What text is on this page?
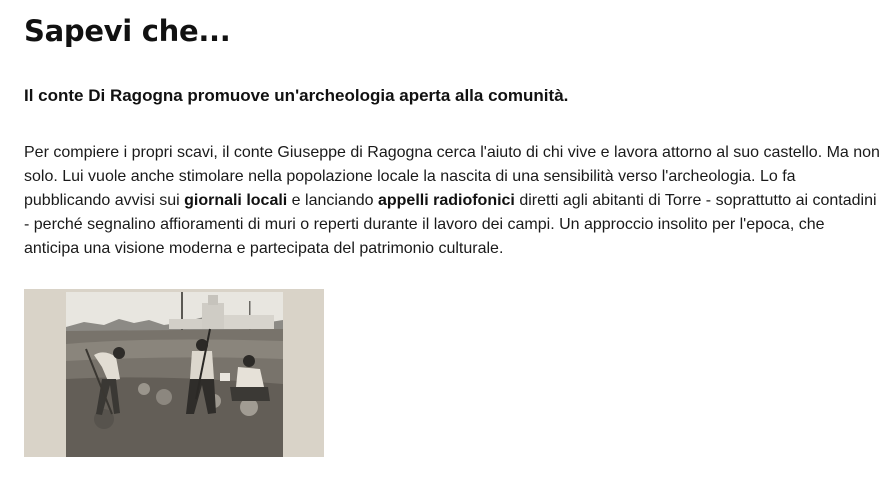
Sapevi che...

Il conte Di Ragogna promuove un'archeologia aperta alla comunità.

Per compiere i propri scavi, il conte Giuseppe di Ragogna cerca l'aiuto di chi vive e lavora attorno al suo castello. Ma non solo. Lui vuole anche stimolare nella popolazione locale la nascita di una sensibilità verso l'archeologia. Lo fa pubblicando avvisi sui giornali locali e lanciando appelli radiofonici diretti agli abitanti di Torre - soprattutto ai contadini - perché segnalino affioramenti di muri o reperti durante il lavoro dei campi. Un approccio insolito per l'epoca, che anticipa una visione moderna e partecipata del patrimonio culturale.
